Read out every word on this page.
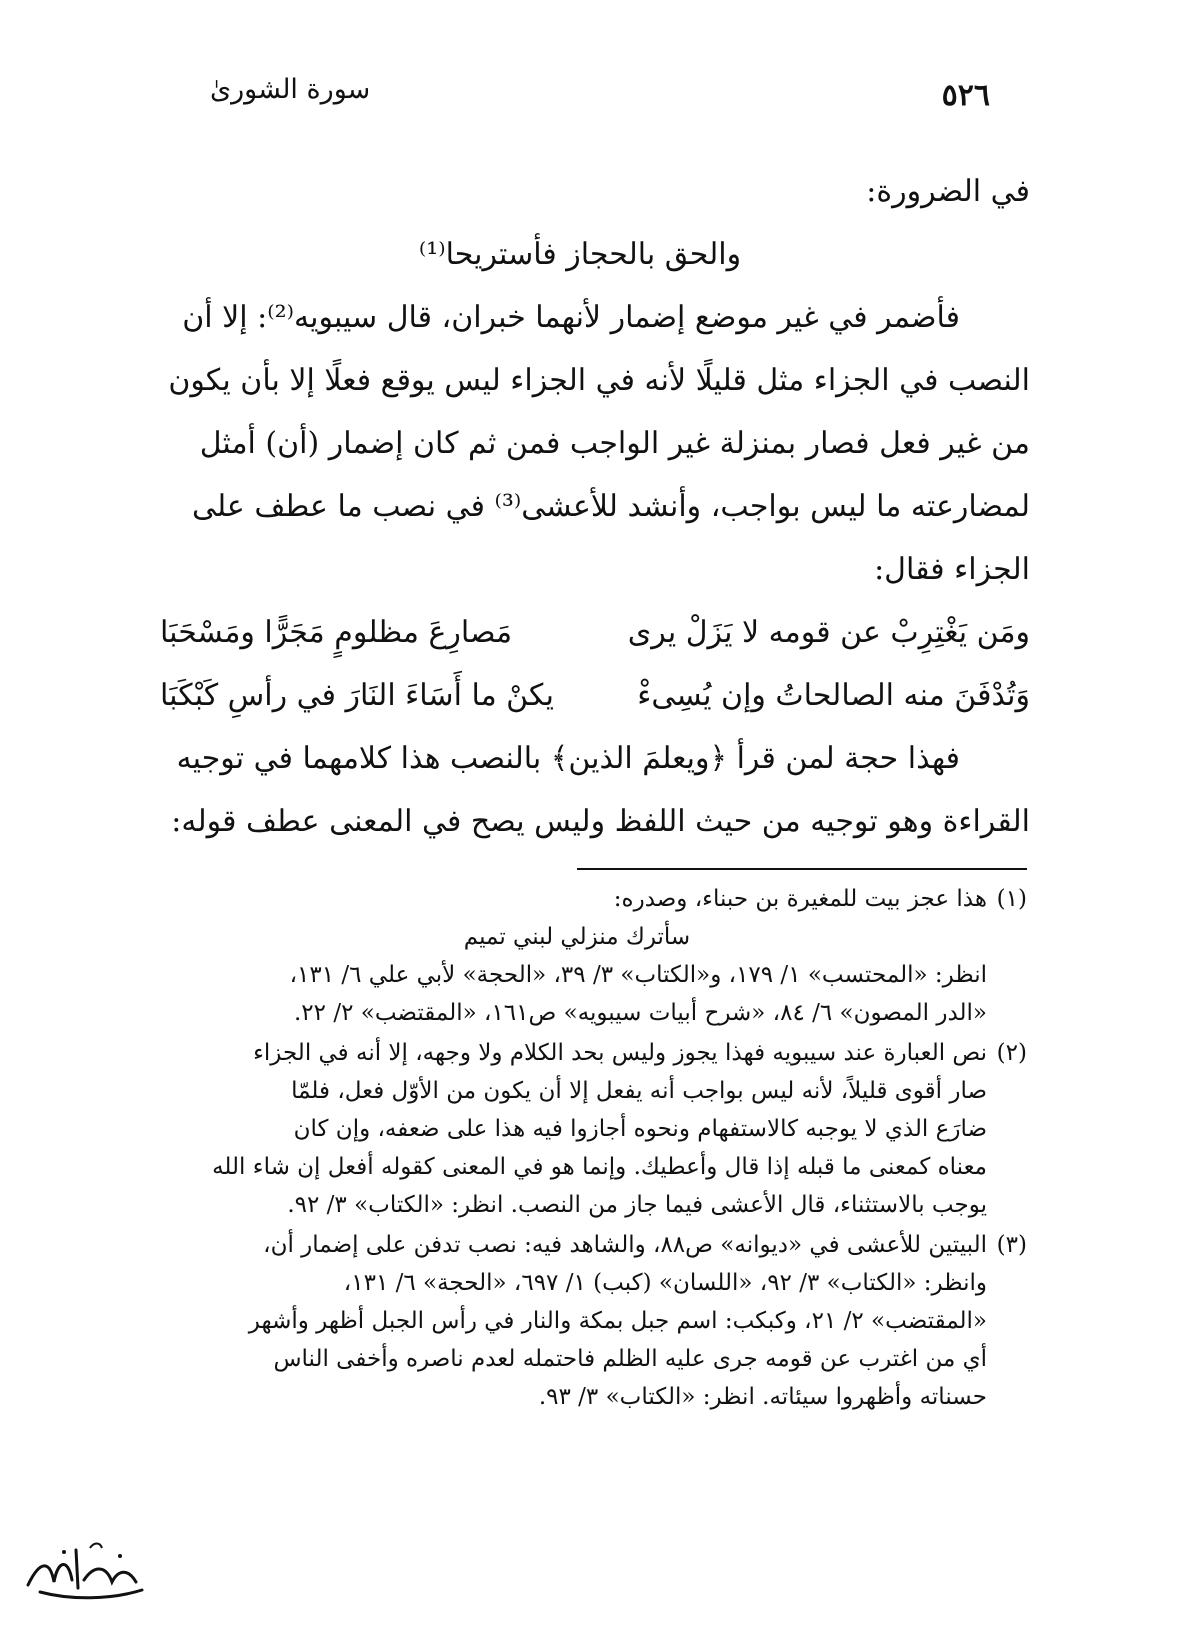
٥٢٦
سورة الشورىٰ
في الضرورة:
والحق بالحجاز فأستريحا⁽¹⁾
فأضمر في غير موضع إضمار لأنهما خبران، قال سيبويه⁽²⁾: إلا أن
النصب في الجزاء مثل قليلًا لأنه في الجزاء ليس يوقع فعلًا إلا بأن يكون
من غير فعل فصار بمنزلة غير الواجب فمن ثم كان إضمار (أن) أمثل
لمضارعته ما ليس بواجب، وأنشد للأعشى⁽³⁾ في نصب ما عطف على
الجزاء فقال:
ومَن يَغْتِرِبْ عن قومه لا يَزَلْ يرى
مَصارِعَ مظلومٍ مَجَرًّا ومَسْحَبَا
وَتُدْفَنَ منه الصالحاتُ وإن يُسِىءْ
يكنْ ما أَسَاءَ النَارَ في رأسِ كَبْكَبَا
فهذا حجة لمن قرأ ﴿ويعلمَ الذين﴾ بالنصب هذا كلامهما في توجيه
القراءة وهو توجيه من حيث اللفظ وليس يصح في المعنى عطف قوله:
(١)
هذا عجز بيت للمغيرة بن حبناء، وصدره:
سأترك منزلي لبني تميم
انظر: «المحتسب» ١/ ١٧٩، و«الكتاب» ٣/ ٣٩، «الحجة» لأبي علي ٦/ ١٣١،
«الدر المصون» ٦/ ٨٤، «شرح أبيات سيبويه» ص١٦١، «المقتضب» ٢/ ٢٢.
(٢)
نص العبارة عند سيبويه فهذا يجوز وليس بحد الكلام ولا وجهه، إلا أنه في الجزاء
صار أقوى قليلاً، لأنه ليس بواجب أنه يفعل إلا أن يكون من الأوّل فعل، فلمّا
ضارَع الذي لا يوجبه كالاستفهام ونحوه أجازوا فيه هذا على ضعفه، وإن كان
معناه كمعنى ما قبله إذا قال وأعطيك. وإنما هو في المعنى كقوله أفعل إن شاء الله
يوجب بالاستثناء، قال الأعشى فيما جاز من النصب. انظر: «الكتاب» ٣/ ٩٢.
(٣)
البيتين للأعشى في «ديوانه» ص٨٨، والشاهد فيه: نصب تدفن على إضمار أن،
وانظر: «الكتاب» ٣/ ٩٢، «اللسان» (كبب) ١/ ٦٩٧، «الحجة» ٦/ ١٣١،
«المقتضب» ٢/ ٢١، وكبكب: اسم جبل بمكة والنار في رأس الجبل أظهر وأشهر
أي من اغترب عن قومه جرى عليه الظلم فاحتمله لعدم ناصره وأخفى الناس
حسناته وأظهروا سيئاته. انظر: «الكتاب» ٣/ ٩٣.
